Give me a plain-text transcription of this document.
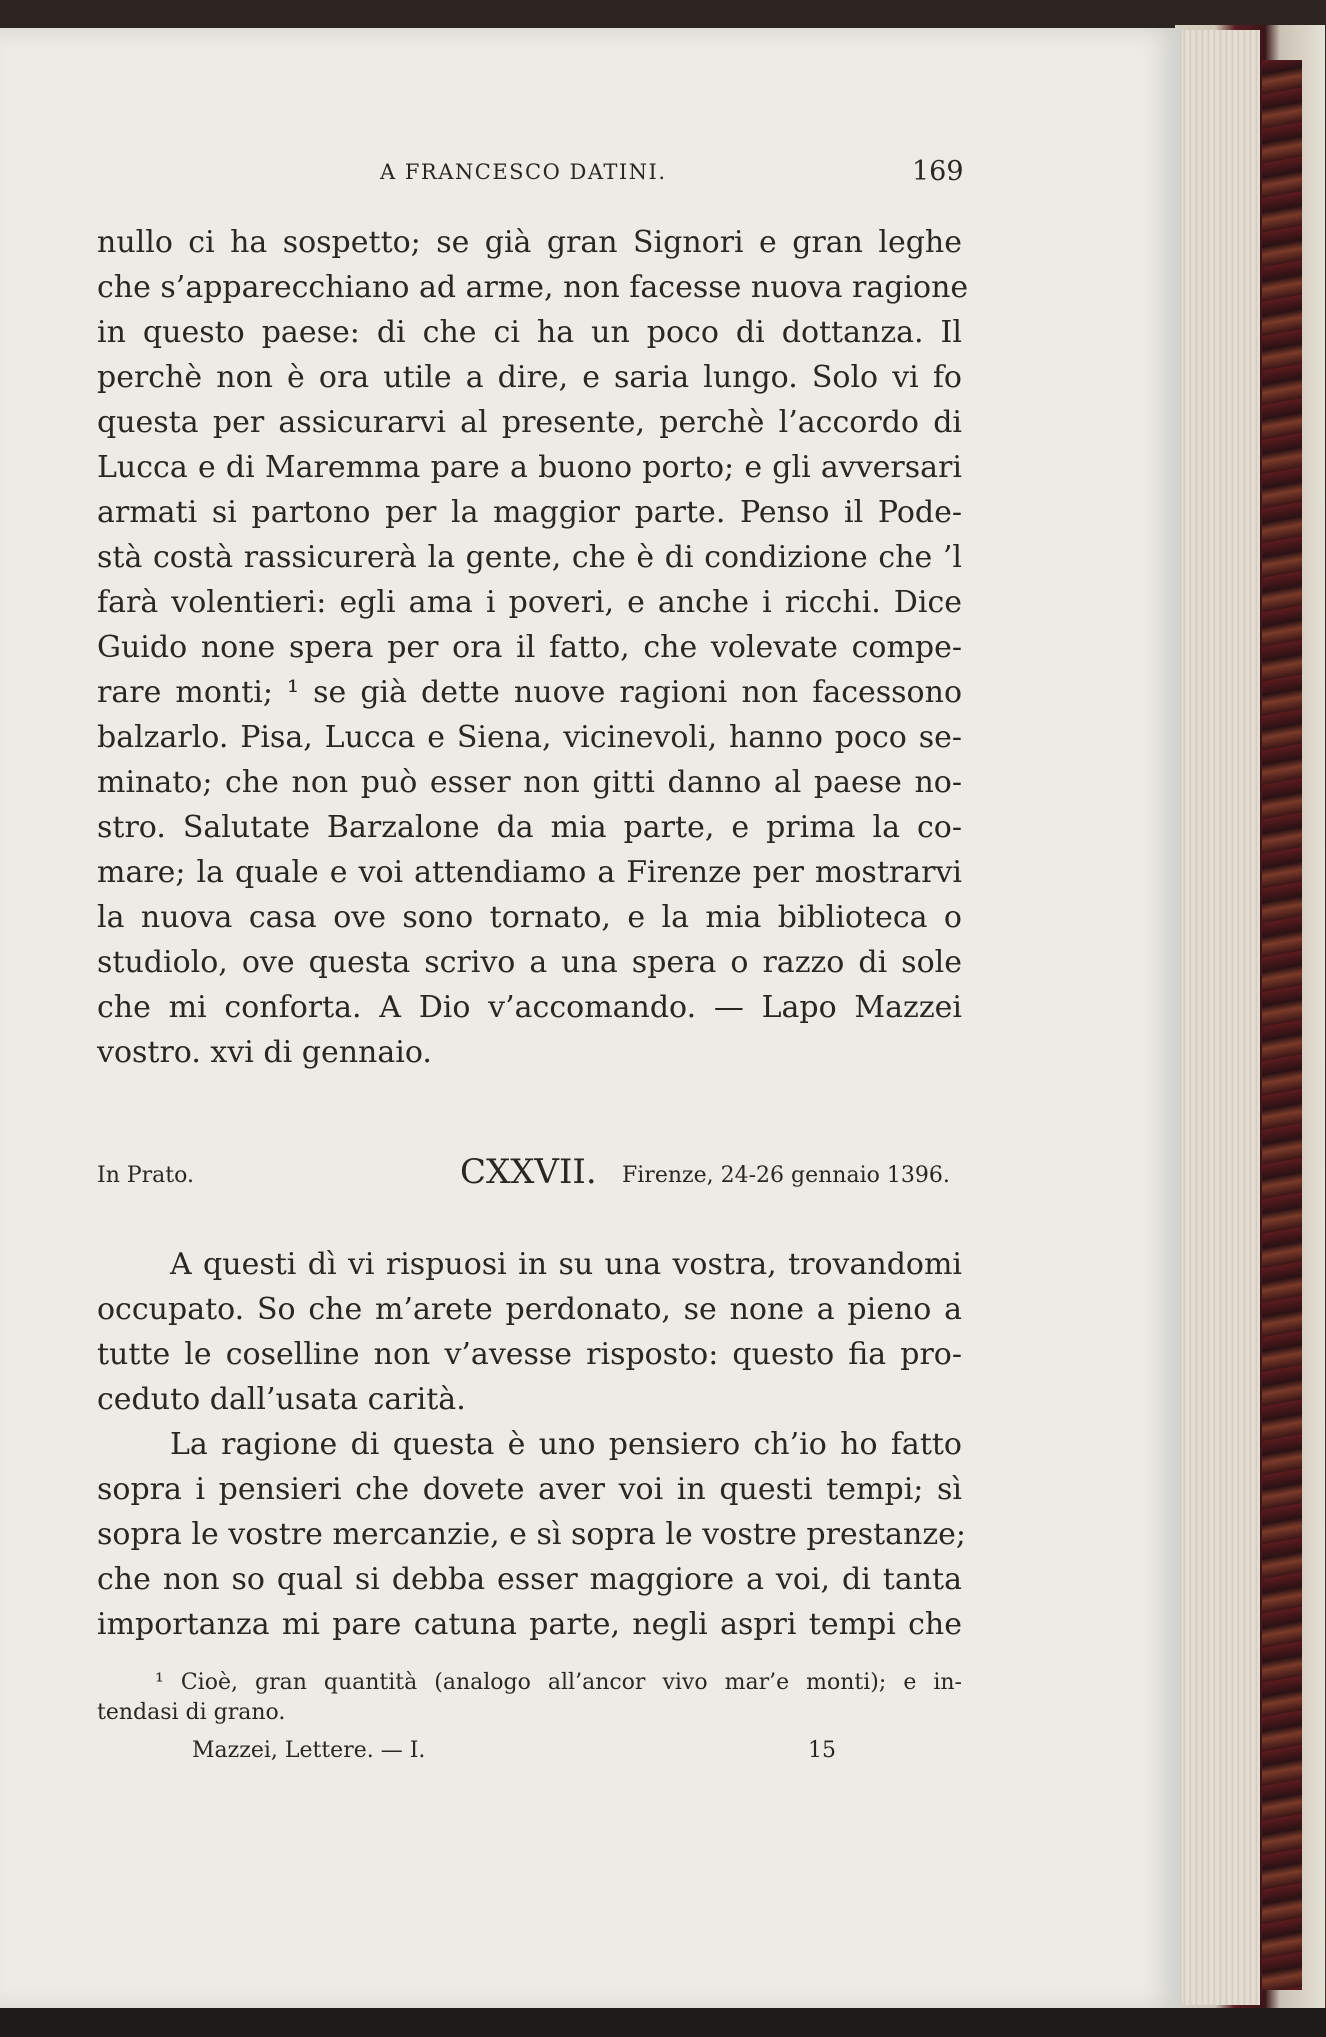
A FRANCESCO DATINI.	169
nullo ci ha sospetto; se già gran Signori e gran leghe
che s’apparecchiano ad arme, non facesse nuova ragione
in questo paese: di che ci ha un poco di dottanza. Il
perchè non è ora utile a dire, e saria lungo. Solo vi fo
questa per assicurarvi al presente, perchè l’accordo di
Lucca e di Maremma pare a buono porto; e gli avversari
armati si partono per la maggior parte. Penso il Pode-
stà costà rassicurerà la gente, che è di condizione che ’l
farà volentieri: egli ama i poveri, e anche i ricchi. Dice
Guido none spera per ora il fatto, che volevate compe-
rare monti; ¹ se già dette nuove ragioni non facessono
balzarlo. Pisa, Lucca e Siena, vicinevoli, hanno poco se-
minato; che non può esser non gitti danno al paese no-
stro. Salutate Barzalone da mia parte, e prima la co-
mare; la quale e voi attendiamo a Firenze per mostrarvi
la nuova casa ove sono tornato, e la mia biblioteca o
studiolo, ove questa scrivo a una spera o razzo di sole
che mi conforta. A Dio v’accomando. — Lapo Mazzei
vostro. xvi di gennaio.
In Prato.	CXXVII. Firenze, 24-26 gennaio 1396.
A questi dì vi rispuosi in su una vostra, trovandomi
occupato. So che m’arete perdonato, se none a pieno a
tutte le coselline non v’avesse risposto: questo fia pro-
ceduto dall’usata carità.
La ragione di questa è uno pensiero ch’io ho fatto
sopra i pensieri che dovete aver voi in questi tempi; sì
sopra le vostre mercanzie, e sì sopra le vostre prestanze;
che non so qual si debba esser maggiore a voi, di tanta
importanza mi pare catuna parte, negli aspri tempi che
¹ Cioè, gran quantità (analogo all’ancor vivo mar’e monti); e in-
tendasi di grano.
Mazzei, Lettere. — I.	15
